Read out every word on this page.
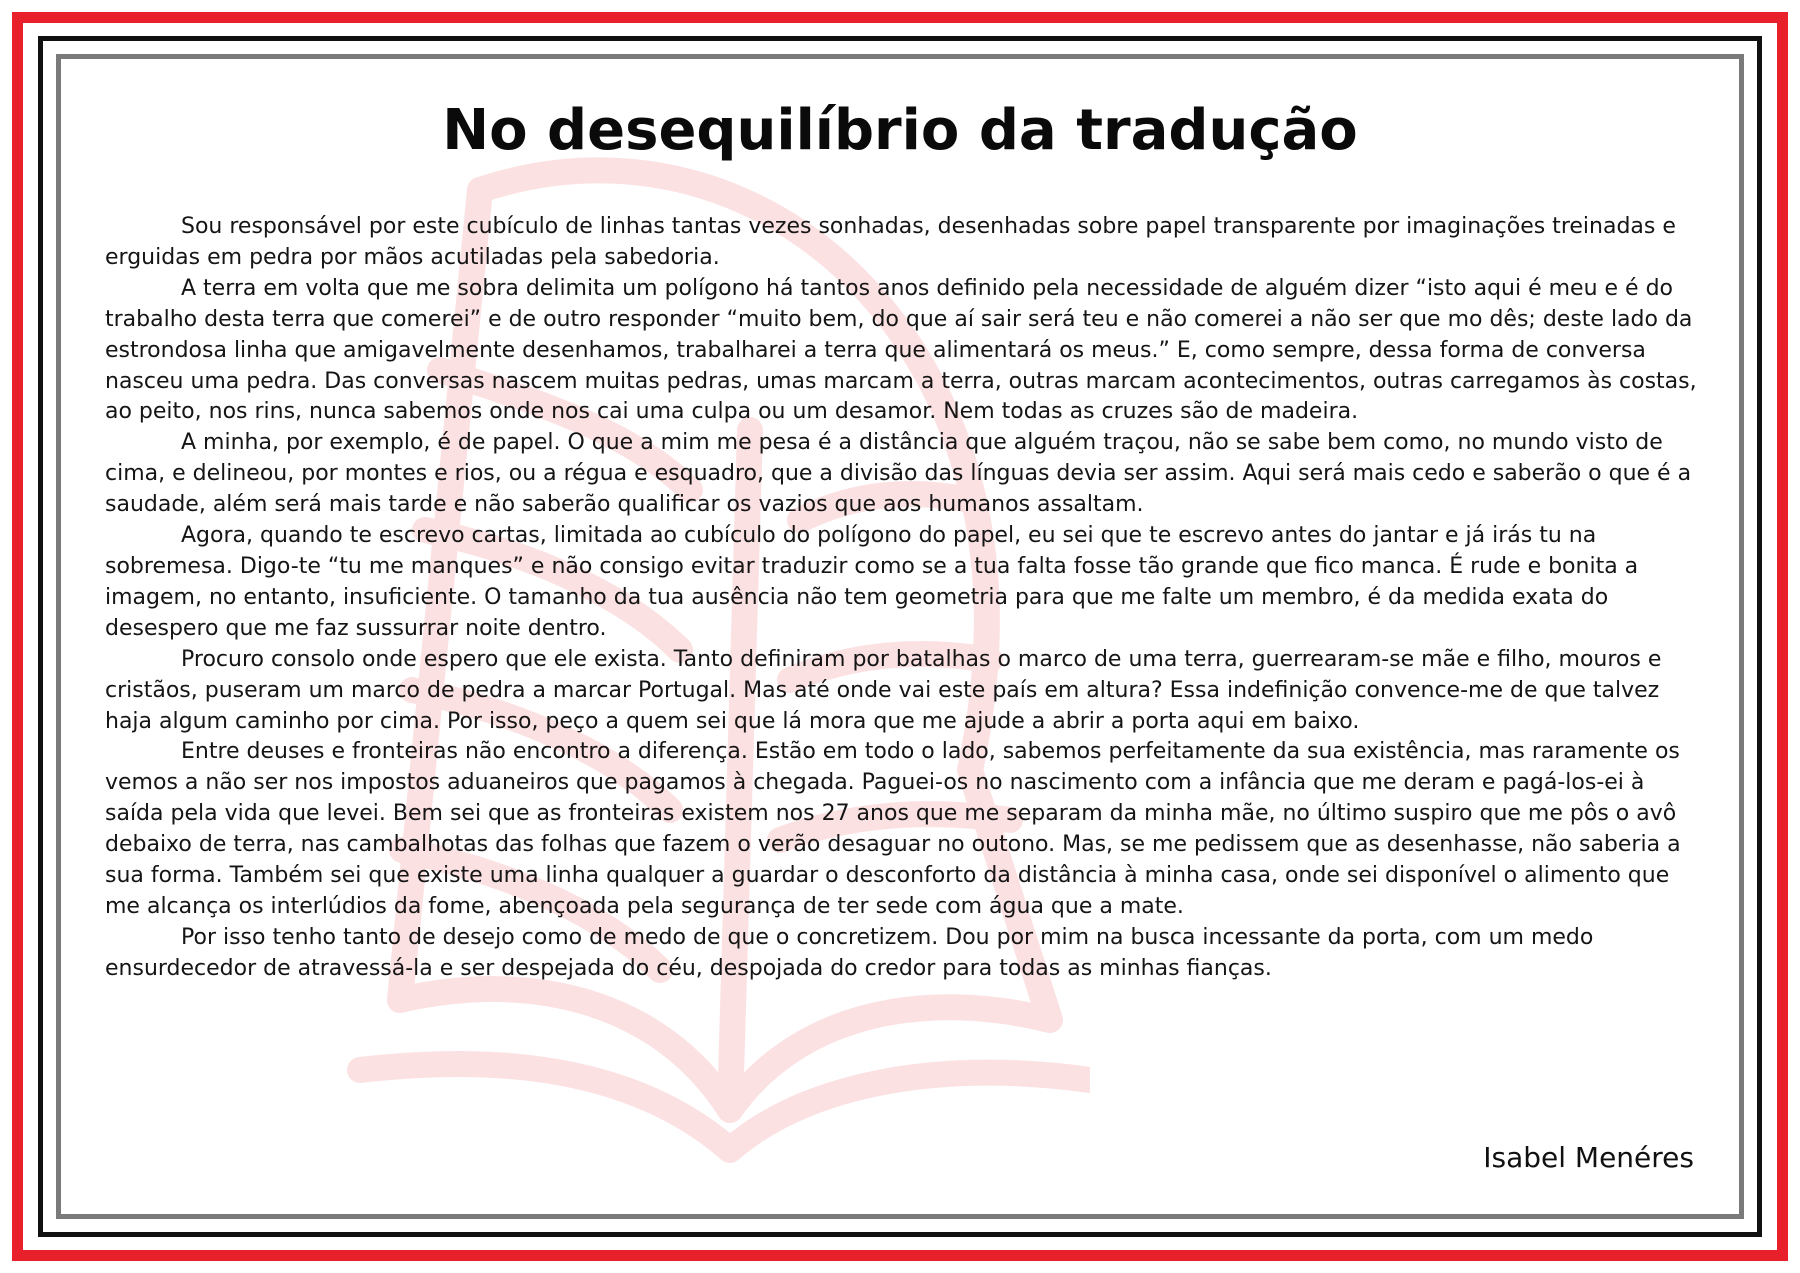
No desequilíbrio da tradução

Sou responsável por este cubículo de linhas tantas vezes sonhadas, desenhadas sobre papel transparente por imaginações treinadas e erguidas em pedra por mãos acutiladas pela sabedoria.

A terra em volta que me sobra delimita um polígono há tantos anos definido pela necessidade de alguém dizer “isto aqui é meu e é do trabalho desta terra que comerei” e de outro responder “muito bem, do que aí sair será teu e não comerei a não ser que mo dês; deste lado da estrondosa linha que amigavelmente desenhamos, trabalharei a terra que alimentará os meus.” E, como sempre, dessa forma de conversa nasceu uma pedra. Das conversas nascem muitas pedras, umas marcam a terra, outras marcam acontecimentos, outras carregamos às costas, ao peito, nos rins, nunca sabemos onde nos cai uma culpa ou um desamor. Nem todas as cruzes são de madeira.

A minha, por exemplo, é de papel. O que a mim me pesa é a distância que alguém traçou, não se sabe bem como, no mundo visto de cima, e delineou, por montes e rios, ou a régua e esquadro, que a divisão das línguas devia ser assim. Aqui será mais cedo e saberão o que é a saudade, além será mais tarde e não saberão qualificar os vazios que aos humanos assaltam.

Agora, quando te escrevo cartas, limitada ao cubículo do polígono do papel, eu sei que te escrevo antes do jantar e já irás tu na sobremesa. Digo-te “tu me manques” e não consigo evitar traduzir como se a tua falta fosse tão grande que fico manca. É rude e bonita a imagem, no entanto, insuficiente. O tamanho da tua ausência não tem geometria para que me falte um membro, é da medida exata do desespero que me faz sussurrar noite dentro.

Procuro consolo onde espero que ele exista. Tanto definiram por batalhas o marco de uma terra, guerrearam-se mãe e filho, mouros e cristãos, puseram um marco de pedra a marcar Portugal. Mas até onde vai este país em altura? Essa indefinição convence-me de que talvez haja algum caminho por cima. Por isso, peço a quem sei que lá mora que me ajude a abrir a porta aqui em baixo.

Entre deuses e fronteiras não encontro a diferença. Estão em todo o lado, sabemos perfeitamente da sua existência, mas raramente os vemos a não ser nos impostos aduaneiros que pagamos à chegada. Paguei-os no nascimento com a infância que me deram e pagá-los-ei à saída pela vida que levei. Bem sei que as fronteiras existem nos 27 anos que me separam da minha mãe, no último suspiro que me pôs o avô debaixo de terra, nas cambalhotas das folhas que fazem o verão desaguar no outono. Mas, se me pedissem que as desenhasse, não saberia a sua forma. Também sei que existe uma linha qualquer a guardar o desconforto da distância à minha casa, onde sei disponível o alimento que me alcança os interlúdios da fome, abençoada pela segurança de ter sede com água que a mate.

Por isso tenho tanto de desejo como de medo de que o concretizem. Dou por mim na busca incessante da porta, com um medo ensurdecedor de atravessá-la e ser despejada do céu, despojada do credor para todas as minhas fianças.

Isabel Menéres
